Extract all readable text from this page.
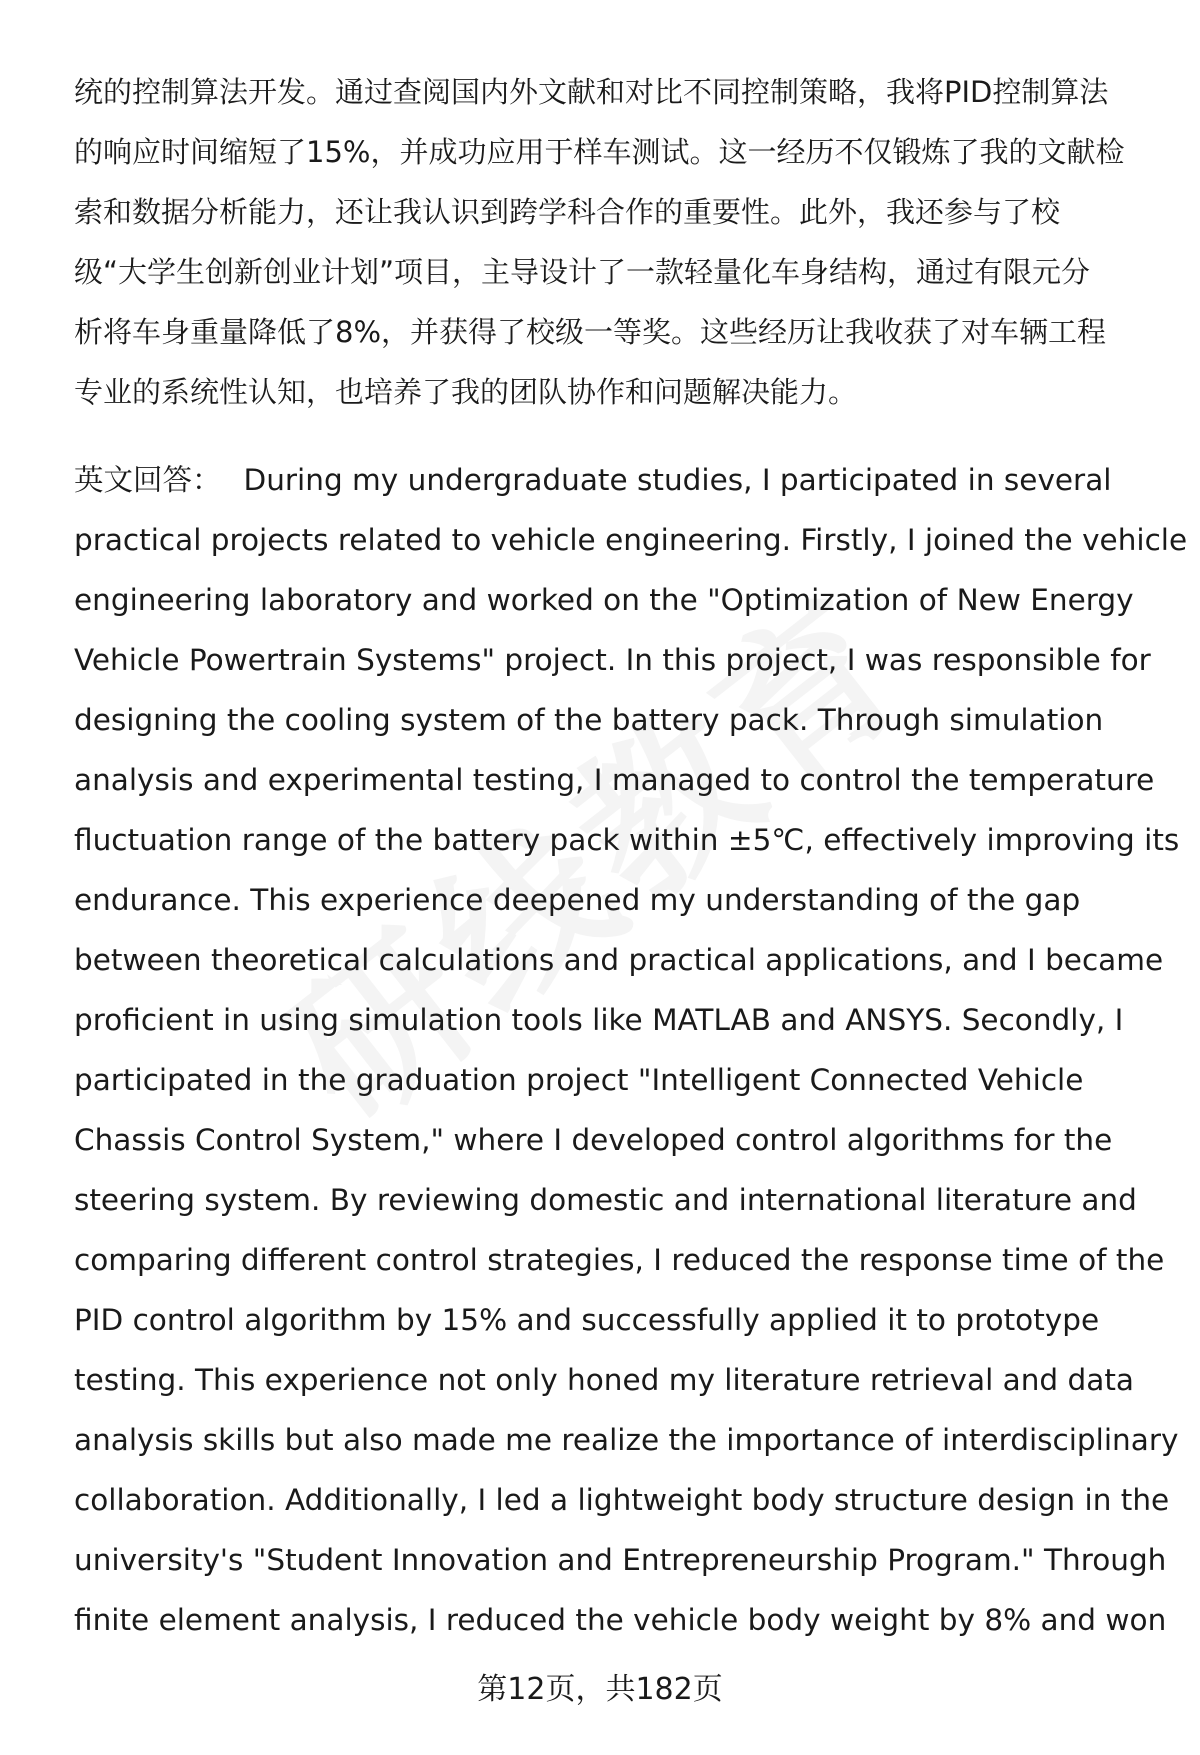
统的控制算法开发。通过查阅国内外文献和对比不同控制策略，我将PID控制算法
的响应时间缩短了15%，并成功应用于样车测试。这一经历不仅锻炼了我的文献检
索和数据分析能力，还让我认识到跨学科合作的重要性。此外，我还参与了校
级“大学生创新创业计划”项目，主导设计了一款轻量化车身结构，通过有限元分
析将车身重量降低了8%，并获得了校级一等奖。这些经历让我收获了对车辆工程
专业的系统性认知，也培养了我的团队协作和问题解决能力。
英文回答： During my undergraduate studies, I participated in several
practical projects related to vehicle engineering. Firstly, I joined the vehicle
engineering laboratory and worked on the "Optimization of New Energy
Vehicle Powertrain Systems" project. In this project, I was responsible for
designing the cooling system of the battery pack. Through simulation
analysis and experimental testing, I managed to control the temperature
fluctuation range of the battery pack within ±5℃, effectively improving its
endurance. This experience deepened my understanding of the gap
between theoretical calculations and practical applications, and I became
proficient in using simulation tools like MATLAB and ANSYS. Secondly, I
participated in the graduation project "Intelligent Connected Vehicle
Chassis Control System," where I developed control algorithms for the
steering system. By reviewing domestic and international literature and
comparing different control strategies, I reduced the response time of the
PID control algorithm by 15% and successfully applied it to prototype
testing. This experience not only honed my literature retrieval and data
analysis skills but also made me realize the importance of interdisciplinary
collaboration. Additionally, I led a lightweight body structure design in the
university's "Student Innovation and Entrepreneurship Program." Through
finite element analysis, I reduced the vehicle body weight by 8% and won
第12页，共182页
